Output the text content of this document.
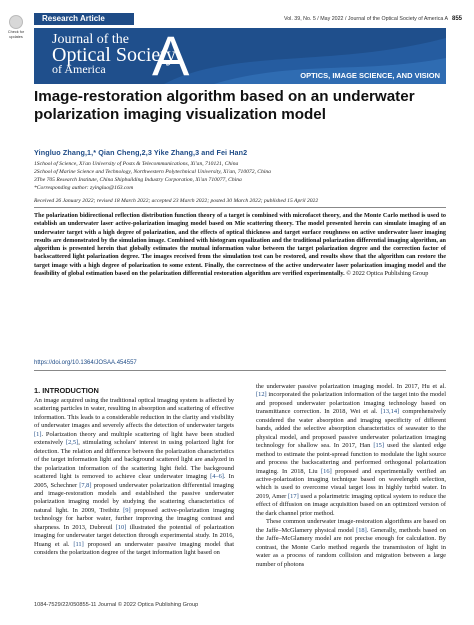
Check for updates
Research Article	Vol. 39, No. 5 / May 2022 / Journal of the Optical Society of America A 855
Journal of the
Optical Society
of America A	OPTICS, IMAGE SCIENCE, AND VISION
Image-restoration algorithm based on an underwater polarization imaging visualization model
Yingluo Zhang,1,* Qian Cheng,2,3 Yike Zhang,3 and Fei Han2
1School of Science, Xi'an University of Posts & Telecommunications, Xi'an, 710121, China
2School of Marine Science and Technology, Northwestern Polytechnical University, Xi'an, 710072, China
3The 705 Research Institute, China Shipbuilding Industry Corporation, Xi'an 710077, China
*Corresponding author: zyingluo@163.com
Received 26 January 2022; revised 18 March 2022; accepted 23 March 2022; posted 30 March 2022; published 15 April 2022
The polarization bidirectional reflection distribution function theory of a target is combined with microfacet theory, and the Monte Carlo method is used to establish an underwater laser active-polarization imaging model based on Mie scattering theory. The model presented herein can simulate imaging of an underwater target with a high degree of polarization, and the effects of optical thickness and target surface roughness on active underwater laser imaging results are demonstrated by the simulation image. Combined with histogram equalization and the traditional polarization differential imaging algorithm, an algorithm is presented herein that globally estimates the mutual information value between the target polarization degree and the correction factor of backscattered light polarization degree. The images received from the simulation test can be restored, and results show that the algorithm can restore the target image with a high degree of polarization to some extent. Finally, the correctness of the active underwater laser polarization imaging model and the feasibility of global estimation based on the polarization differential restoration algorithm are verified experimentally. © 2022 Optica Publishing Group
https://doi.org/10.1364/JOSAA.454557
1. INTRODUCTION
An image acquired using the traditional optical imaging system is affected by scattering particles in water, resulting in absorption and scattering of effective information. This leads to a considerable reduction in the clarity and visibility of underwater images and severely affects the detection of underwater targets [1]. Polarization theory and multiple scattering of light have been studied extensively [2,5], stimulating scholars' interest in using polarized light for detection. The relation and difference between the polarization characteristics of the target information light and background scattered light are analyzed in the polarization information of the scattering light field. The background scattered light is removed to achieve clear underwater imaging [4–6]. In 2005, Schechner [7,8] proposed underwater polarization differential imaging and image-restoration models and established the passive underwater polarization imaging model by studying the scattering characteristics of natural light. In 2009, Treibitz [9] proposed active-polarization imaging technology for harbor water, further improving the imaging contrast and sharpness. In 2013, Dubreuil [10] illustrated the potential of polarization imaging for underwater target detection through experimental study. In 2016, Huang et al. [11] proposed an underwater passive imaging model that considers the polarization degree of the target information light based on
the underwater passive polarization imaging model. In 2017, Hu et al. [12] incorporated the polarization information of the target into the model and proposed underwater polarization imaging technology based on transmittance correction. In 2018, Wei et al. [13,14] comprehensively considered the water absorption and imaging specificity of different bands, added the selective absorption characteristics of seawater to the physical model, and proposed passive underwater polarization imaging technology for shallow sea. In 2017, Han [15] used the slanted edge method to estimate the point-spread function to modulate the light source and process the backscattering and performed orthogonal polarization imaging. In 2018, Liu [16] proposed and experimentally verified an active-polarization imaging technique based on wavelength selection, which is used to overcome visual target loss in highly turbid water. In 2019, Amer [17] used a polarimetric imaging optical system to reduce the effect of diffusion on image acquisition based on an optimized version of the dark channel prior method.
These common underwater image-restoration algorithms are based on the Jaffe–McGlamery physical model [18]. Generally, methods based on the Jaffe–McGlamery model are not precise enough for calculation. By contrast, the Monte Carlo method regards the transmission of light in water as a process of random collision and migration between a large number of photons
1084-7529/22/050855-11 Journal © 2022 Optica Publishing Group
